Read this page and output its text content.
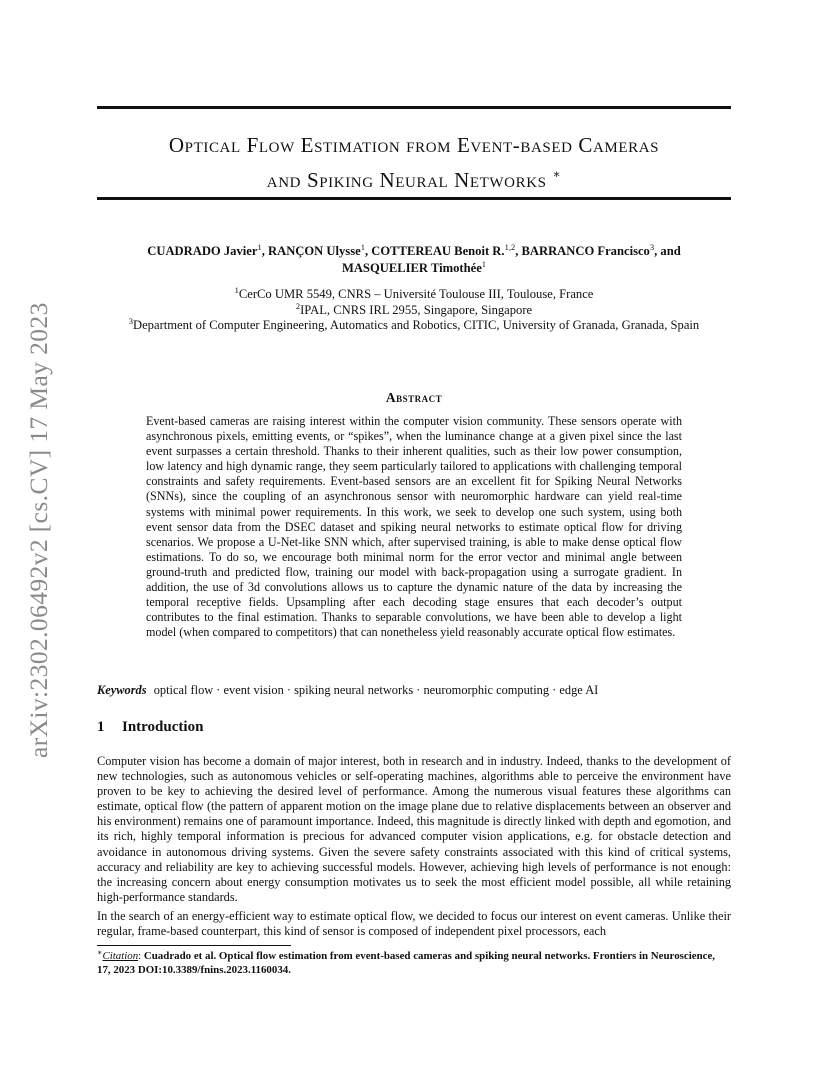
arXiv:2302.06492v2 [cs.CV] 17 May 2023
Optical Flow Estimation from Event-based Cameras
and Spiking Neural Networks ∗
CUADRADO Javier$^1$, RANÇON Ulysse$^1$, COTTEREAU Benoit R.$^{1,2}$, BARRANCO Francisco$^3$, and
MASQUELIER Timothée$^1$
$^1$CerCo UMR 5549, CNRS – Université Toulouse III, Toulouse, France
$^2$IPAL, CNRS IRL 2955, Singapore, Singapore
$^3$Department of Computer Engineering, Automatics and Robotics, CITIC, University of Granada, Granada, Spain
Abstract
Event-based cameras are raising interest within the computer vision community. These sensors operate with asynchronous pixels, emitting events, or “spikes”, when the luminance change at a given pixel since the last event surpasses a certain threshold. Thanks to their inherent qualities, such as their low power consumption, low latency and high dynamic range, they seem particularly tailored to applications with challenging temporal constraints and safety requirements. Event-based sensors are an excellent fit for Spiking Neural Networks (SNNs), since the coupling of an asynchronous sensor with neuromorphic hardware can yield real-time systems with minimal power requirements. In this work, we seek to develop one such system, using both event sensor data from the DSEC dataset and spiking neural networks to estimate optical flow for driving scenarios. We propose a U-Net-like SNN which, after supervised training, is able to make dense optical flow estimations. To do so, we encourage both minimal norm for the error vector and minimal angle between ground-truth and predicted flow, training our model with back-propagation using a surrogate gradient. In addition, the use of 3d convolutions allows us to capture the dynamic nature of the data by increasing the temporal receptive fields. Upsampling after each decoding stage ensures that each decoder’s output contributes to the final estimation. Thanks to separable convolutions, we have been able to develop a light model (when compared to competitors) that can nonetheless yield reasonably accurate optical flow estimates.
Keywords optical flow · event vision · spiking neural networks · neuromorphic computing · edge AI
1 Introduction
Computer vision has become a domain of major interest, both in research and in industry. Indeed, thanks to the development of new technologies, such as autonomous vehicles or self-operating machines, algorithms able to perceive the environment have proven to be key to achieving the desired level of performance. Among the numerous visual features these algorithms can estimate, optical flow (the pattern of apparent motion on the image plane due to relative displacements between an observer and his environment) remains one of paramount importance. Indeed, this magnitude is directly linked with depth and egomotion, and its rich, highly temporal information is precious for advanced computer vision applications, e.g. for obstacle detection and avoidance in autonomous driving systems. Given the severe safety constraints associated with this kind of critical systems, accuracy and reliability are key to achieving successful models. However, achieving high levels of performance is not enough: the increasing concern about energy consumption motivates us to seek the most efficient model possible, all while retaining high-performance standards.
In the search of an energy-efficient way to estimate optical flow, we decided to focus our interest on event cameras. Unlike their regular, frame-based counterpart, this kind of sensor is composed of independent pixel processors, each
∗Citation: Cuadrado et al. Optical flow estimation from event-based cameras and spiking neural networks. Frontiers in Neuroscience, 17, 2023 DOI:10.3389/fnins.2023.1160034.
